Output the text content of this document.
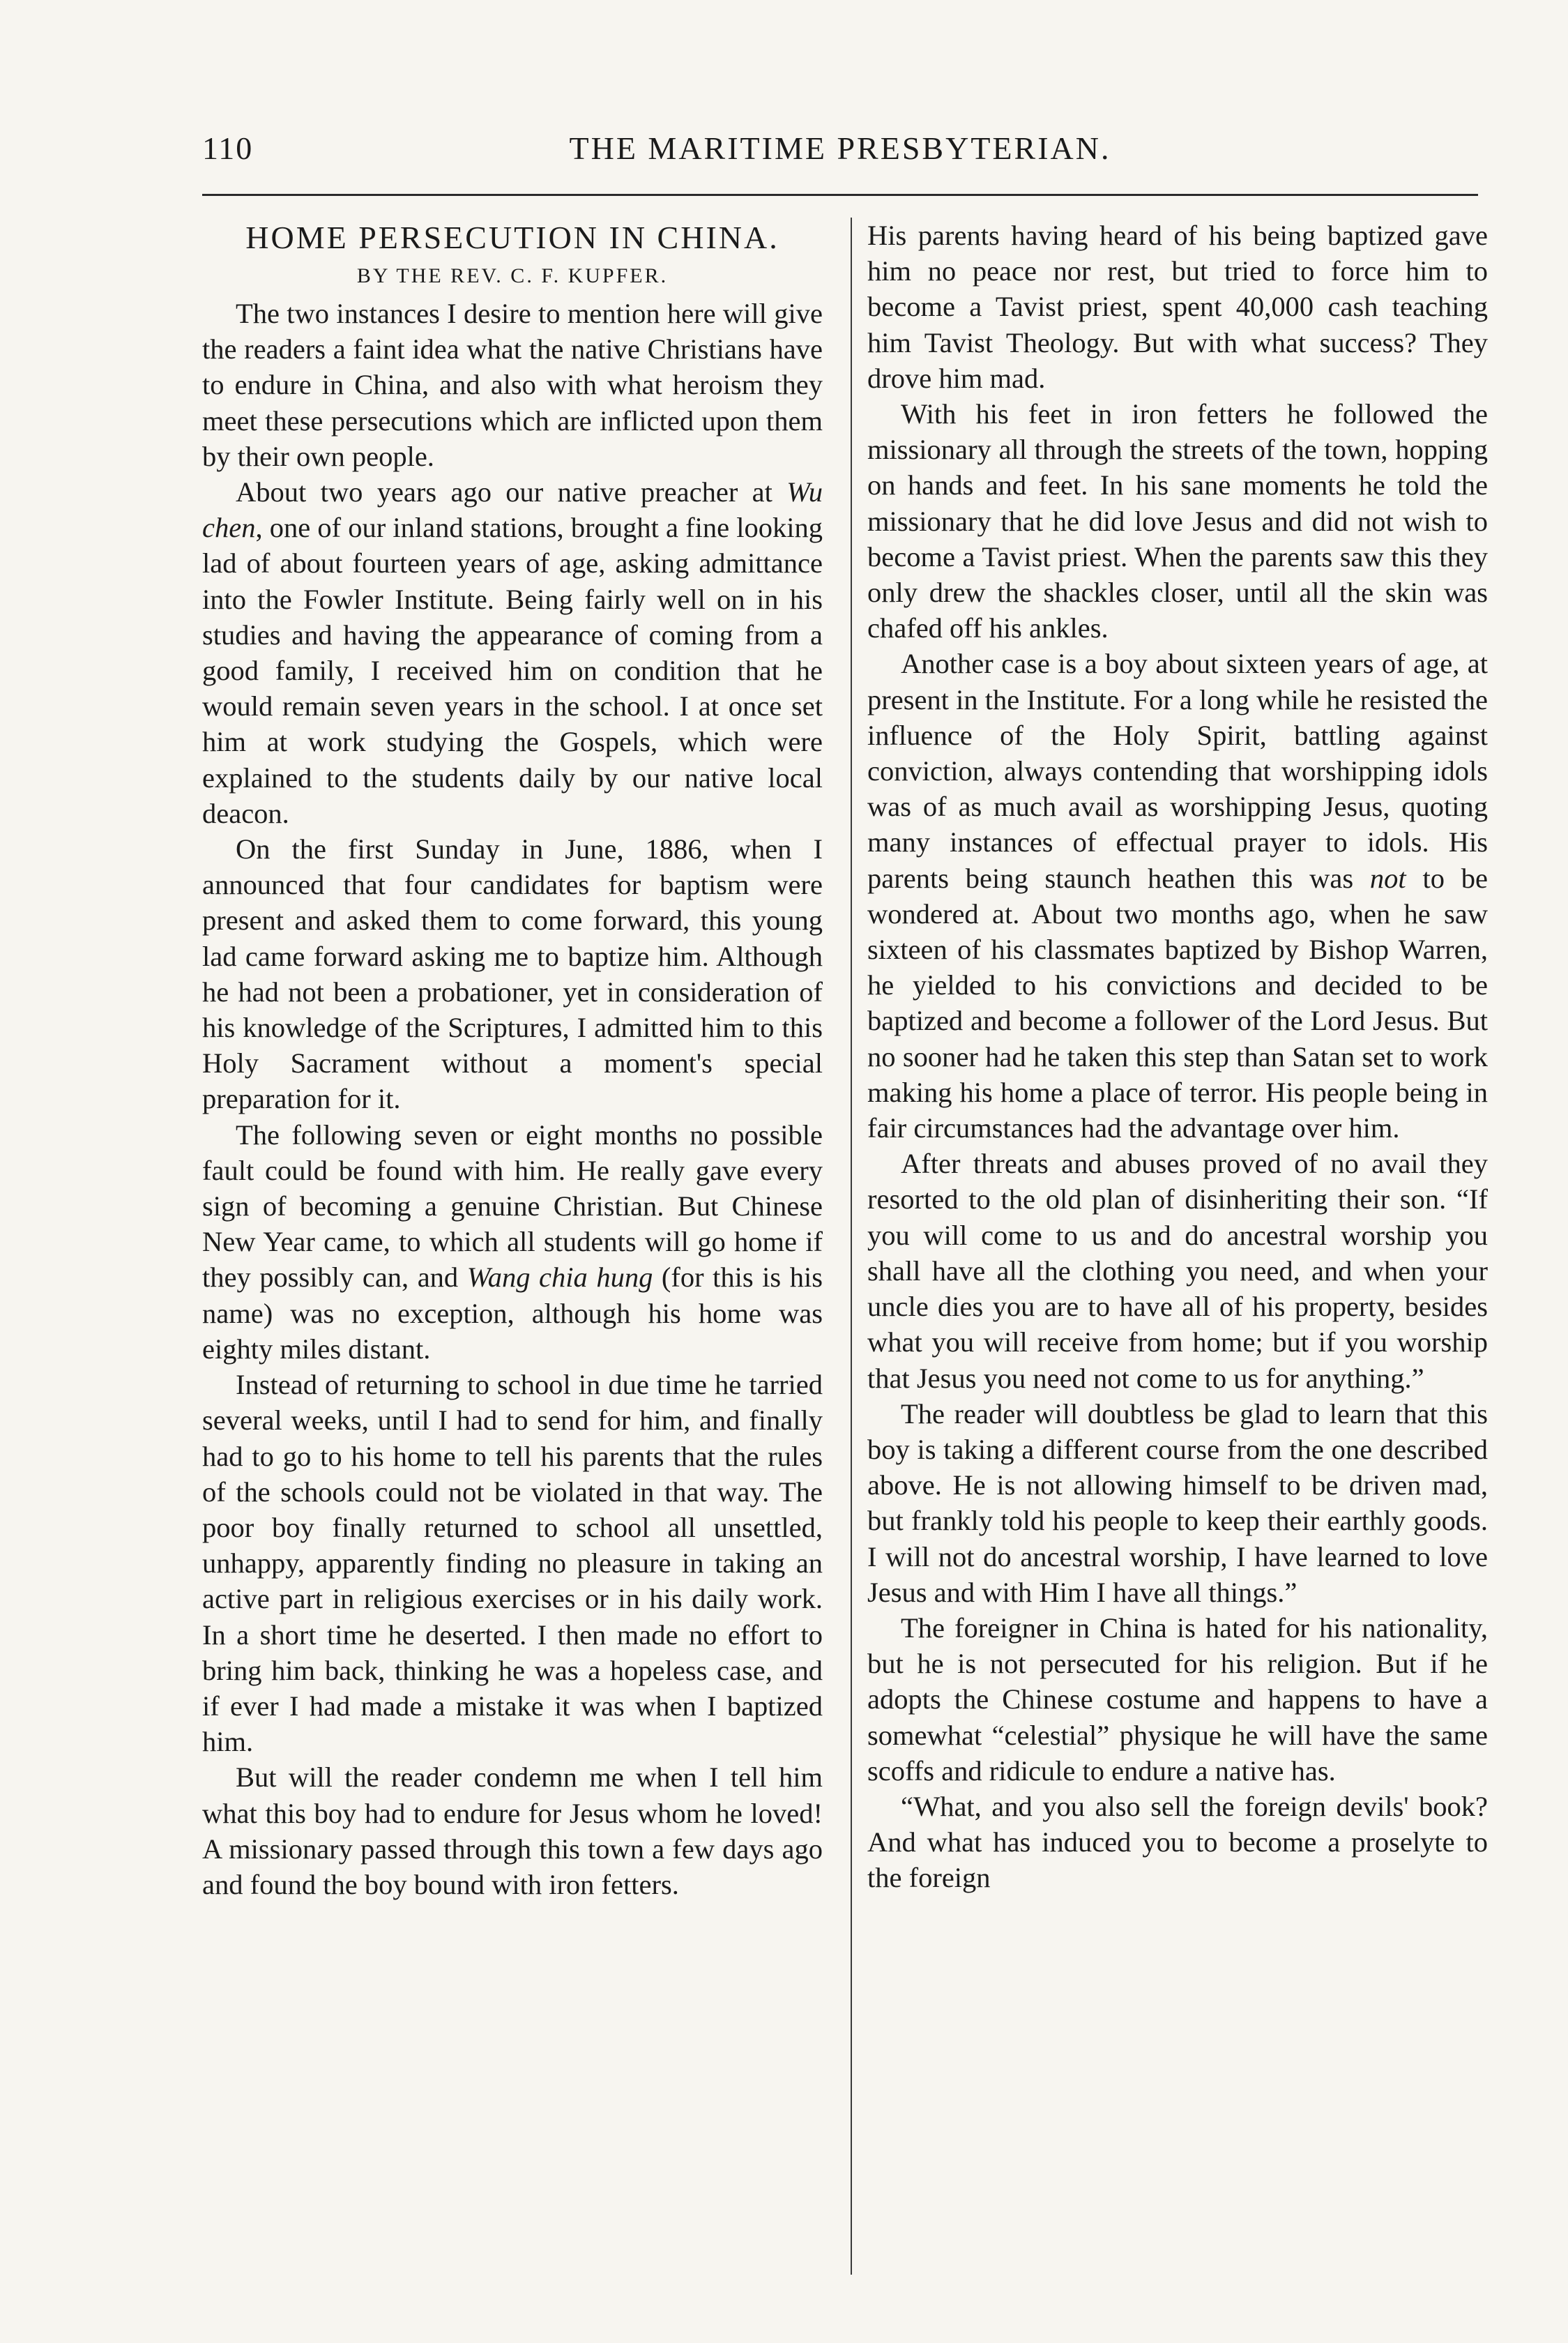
110	THE MARITIME PRESBYTERIAN.
HOME PERSECUTION IN CHINA.
BY THE REV. C. F. KUPFER.

The two instances I desire to mention here will give the readers a faint idea what the native Christians have to endure in China, and also with what heroism they meet these persecutions which are inflicted upon them by their own people.

About two years ago our native preacher at Wu chen, one of our inland stations, brought a fine looking lad of about fourteen years of age, asking admittance into the Fowler Institute. Being fairly well on in his studies and having the appearance of coming from a good family, I received him on condition that he would remain seven years in the school. I at once set him at work studying the Gospels, which were explained to the students daily by our native local deacon.

On the first Sunday in June, 1886, when I announced that four candidates for baptism were present and asked them to come forward, this young lad came forward asking me to baptize him. Although he had not been a probationer, yet in consideration of his knowledge of the Scriptures, I admitted him to this Holy Sacrament without a moment's special preparation for it.

The following seven or eight months no possible fault could be found with him. He really gave every sign of becoming a genuine Christian. But Chinese New Year came, to which all students will go home if they possibly can, and Wang chia hung (for this is his name) was no exception, although his home was eighty miles distant.

Instead of returning to school in due time he tarried several weeks, until I had to send for him, and finally had to go to his home to tell his parents that the rules of the schools could not be violated in that way. The poor boy finally returned to school all unsettled, unhappy, apparently finding no pleasure in taking an active part in religious exercises or in his daily work. In a short time he deserted. I then made no effort to bring him back, thinking he was a hopeless case, and if ever I had made a mistake it was when I baptized him.

But will the reader condemn me when I tell him what this boy had to endure for Jesus whom he loved! A missionary passed through this town a few days ago and found the boy bound with iron fetters.

His parents having heard of his being baptized gave him no peace nor rest, but tried to force him to become a Tavist priest, spent 40,000 cash teaching him Tavist Theology. But with what success? They drove him mad.

With his feet in iron fetters he followed the missionary all through the streets of the town, hopping on hands and feet. In his sane moments he told the missionary that he did love Jesus and did not wish to become a Tavist priest. When the parents saw this they only drew the shackles closer, until all the skin was chafed off his ankles.

Another case is a boy about sixteen years of age, at present in the Institute. For a long while he resisted the influence of the Holy Spirit, battling against conviction, always contending that worshipping idols was of as much avail as worshipping Jesus, quoting many instances of effectual prayer to idols. His parents being staunch heathen this was not to be wondered at. About two months ago, when he saw sixteen of his classmates baptized by Bishop Warren, he yielded to his convictions and decided to be baptized and become a follower of the Lord Jesus. But no sooner had he taken this step than Satan set to work making his home a place of terror. His people being in fair circumstances had the advantage over him.

After threats and abuses proved of no avail they resorted to the old plan of disinheriting their son. “If you will come to us and do ancestral worship you shall have all the clothing you need, and when your uncle dies you are to have all of his property, besides what you will receive from home; but if you worship that Jesus you need not come to us for anything.”

The reader will doubtless be glad to learn that this boy is taking a different course from the one described above. He is not allowing himself to be driven mad, but frankly told his people to keep their earthly goods. I will not do ancestral worship, I have learned to love Jesus and with Him I have all things.”

The foreigner in China is hated for his nationality, but he is not persecuted for his religion. But if he adopts the Chinese costume and happens to have a somewhat “celestial” physique he will have the same scoffs and ridicule to endure a native has.

“What, and you also sell the foreign devils' book? And what has induced you to become a proselyte to the foreign
